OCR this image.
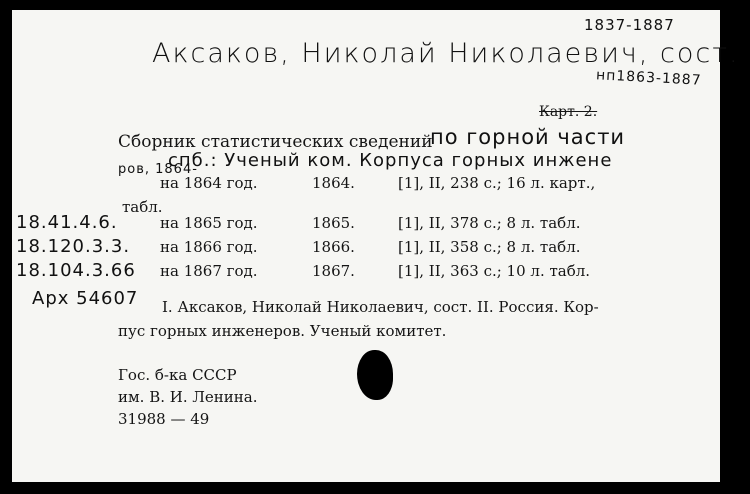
1837-1887
Аксаков, Николай Николаевич, сост.
нп1863-1887
Карт. 2.
Сборник статистических сведений
по горной части
спб.: Ученый ком. Корпуса горных инжене
ров, 1864-
на 1864 год.	1864.	[1], II, 238 с.; 16 л. карт.,
табл.
18.41.4.6.	на 1865 год.	1865.	[1], II, 378 с.; 8 л. табл.
18.120.3.3. на 1866 год.	1866.	[1], II, 358 с.; 8 л. табл.
18.104.3.66 на 1867 год.	1867.	[1], II, 363 с.; 10 л. табл.
Арх 54607 I. Аксаков, Николай Николаевич, сост. II. Россия. Кор-
пус горных инженеров. Ученый комитет.
Гос. б-ка СССР
им. В. И. Ленина.
31988 — 49
